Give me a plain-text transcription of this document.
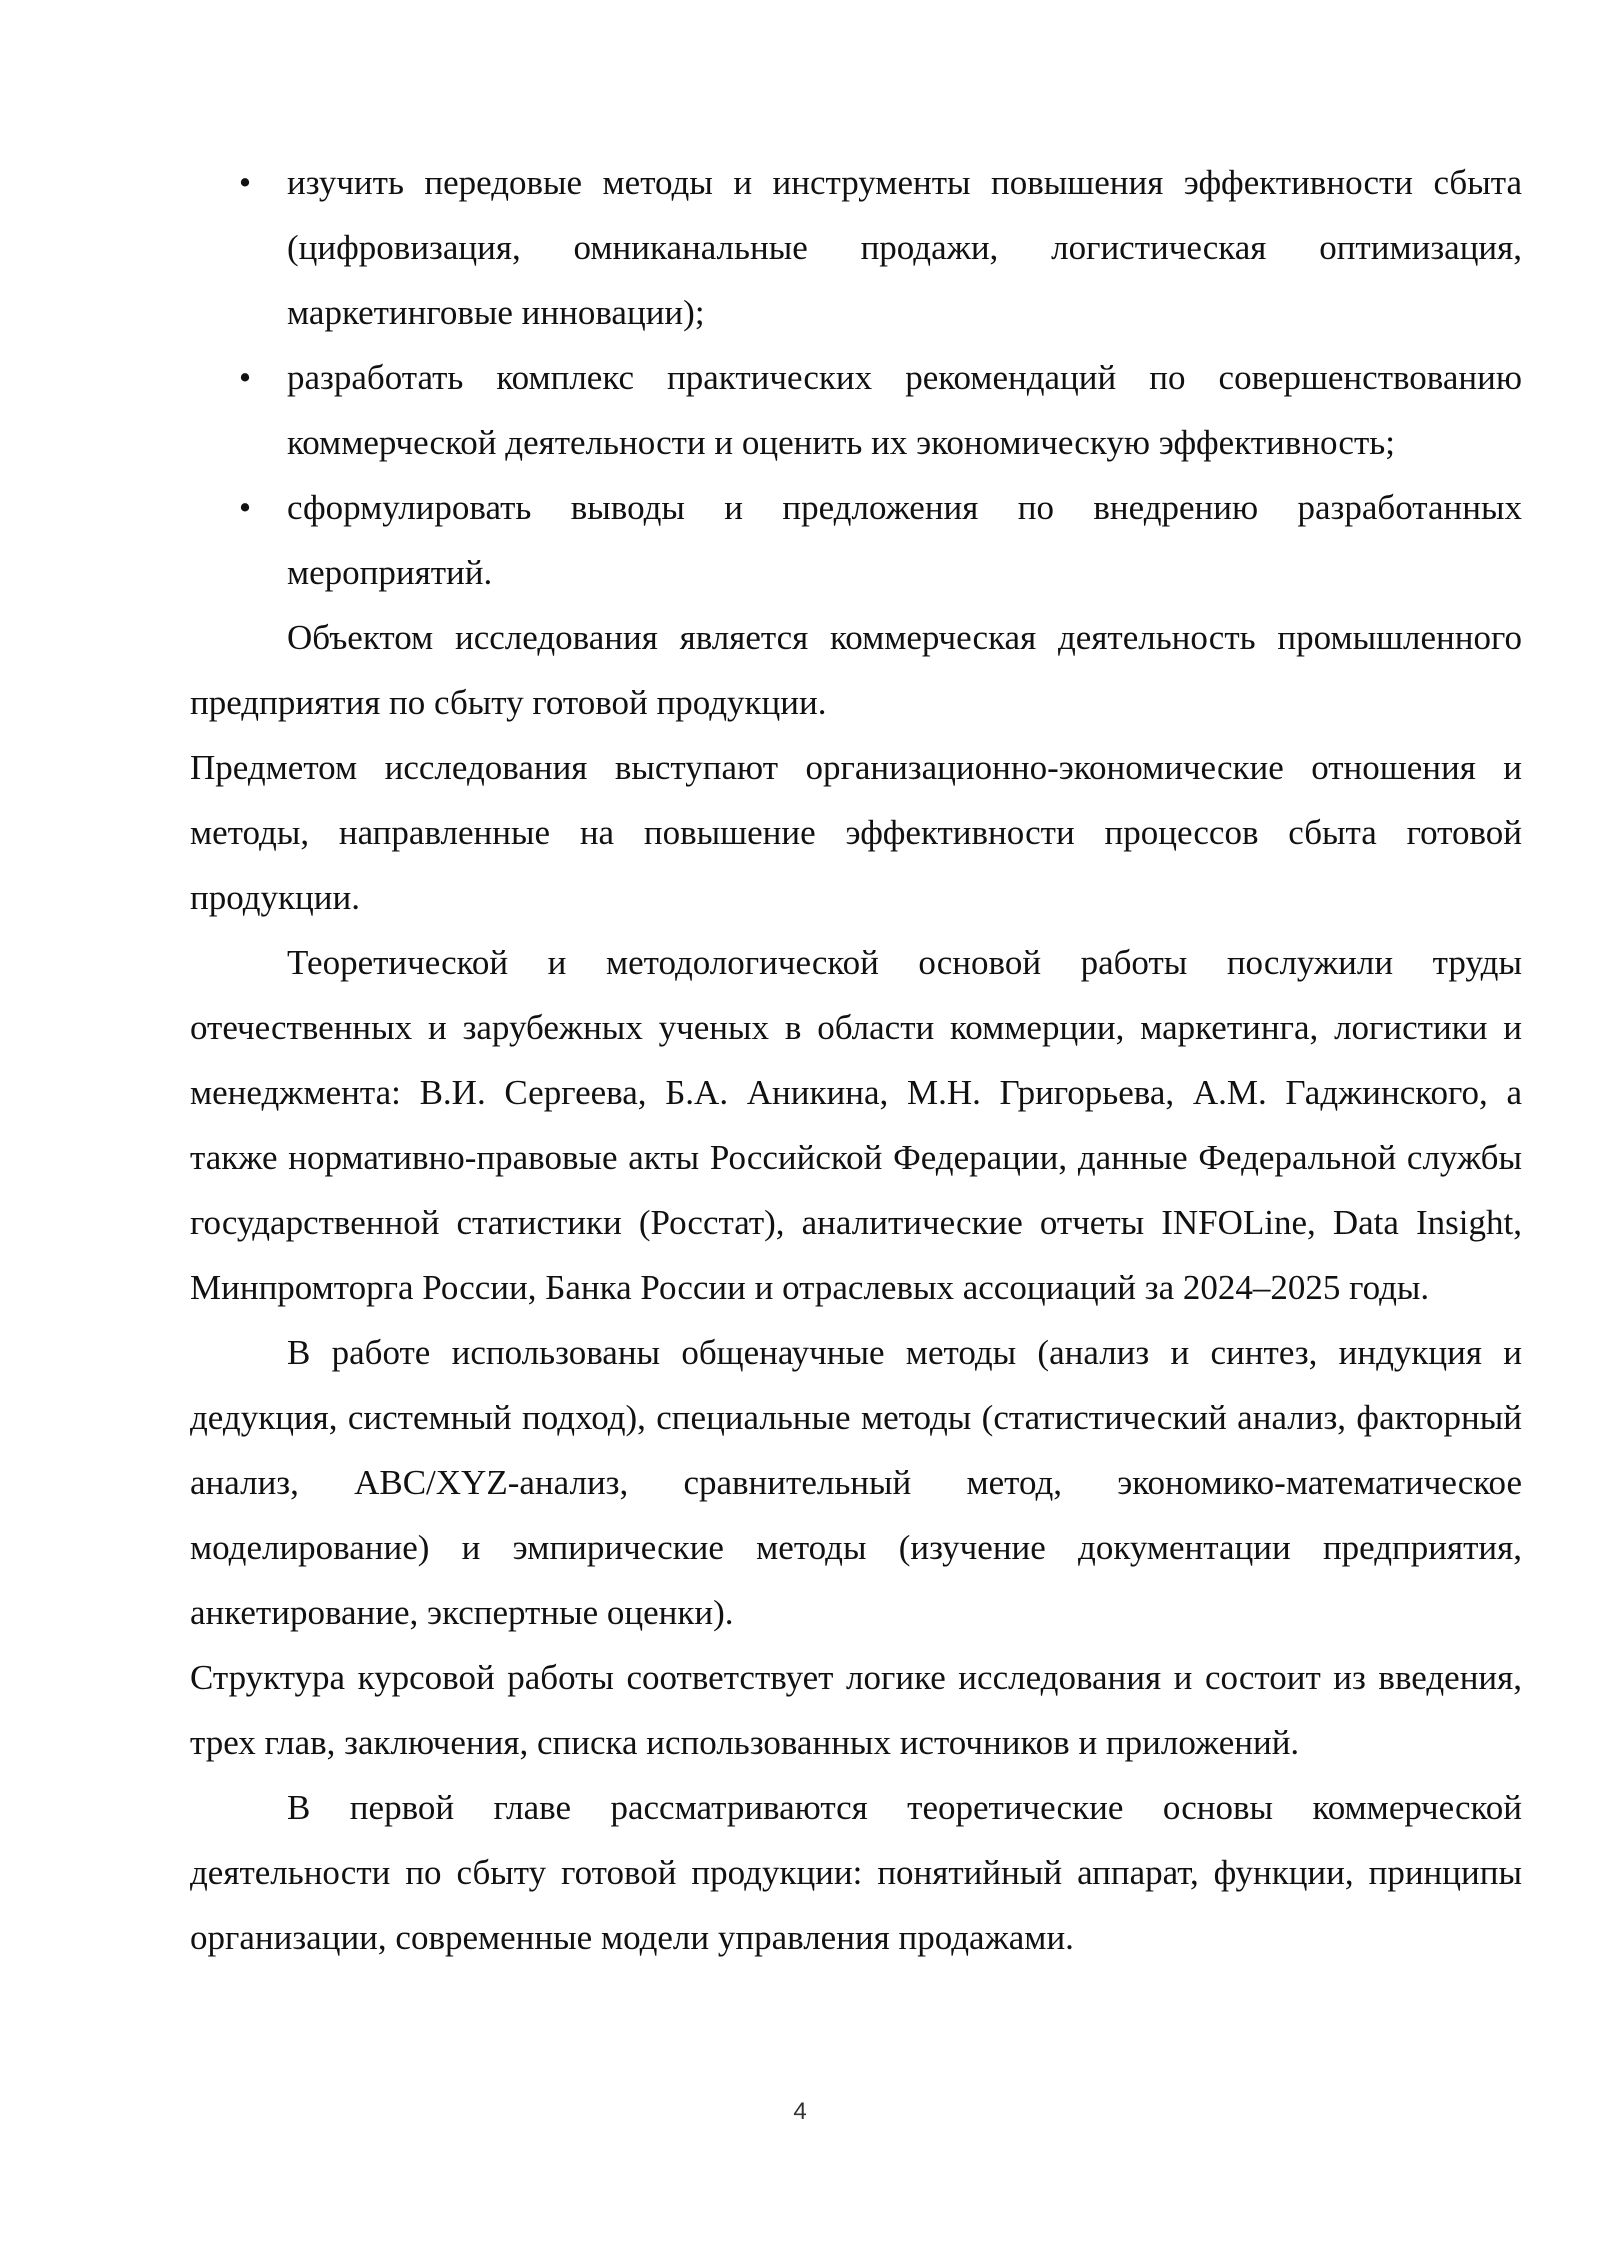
• изучить передовые методы и инструменты повышения эффективности сбыта (цифровизация, омниканальные продажи, логистическая оптимизация, маркетинговые инновации);
• разработать комплекс практических рекомендаций по совершенствованию коммерческой деятельности и оценить их экономическую эффективность;
• сформулировать выводы и предложения по внедрению разработанных мероприятий.

Объектом исследования является коммерческая деятельность промышленного предприятия по сбыту готовой продукции.

Предметом исследования выступают организационно-экономические отношения и методы, направленные на повышение эффективности процессов сбыта готовой продукции.

Теоретической и методологической основой работы послужили труды отечественных и зарубежных ученых в области коммерции, маркетинга, логистики и менеджмента: В.И. Сергеева, Б.А. Аникина, М.Н. Григорьева, А.М. Гаджинского, а также нормативно-правовые акты Российской Федерации, данные Федеральной службы государственной статистики (Росстат), аналитические отчеты INFOLine, Data Insight, Минпромторга России, Банка России и отраслевых ассоциаций за 2024–2025 годы.

В работе использованы общенаучные методы (анализ и синтез, индукция и дедукция, системный подход), специальные методы (статистический анализ, факторный анализ, ABC/XYZ-анализ, сравнительный метод, экономико-математическое моделирование) и эмпирические методы (изучение документации предприятия, анкетирование, экспертные оценки).

Структура курсовой работы соответствует логике исследования и состоит из введения, трех глав, заключения, списка использованных источников и приложений.

В первой главе рассматриваются теоретические основы коммерческой деятельности по сбыту готовой продукции: понятийный аппарат, функции, принципы организации, современные модели управления продажами.

4
